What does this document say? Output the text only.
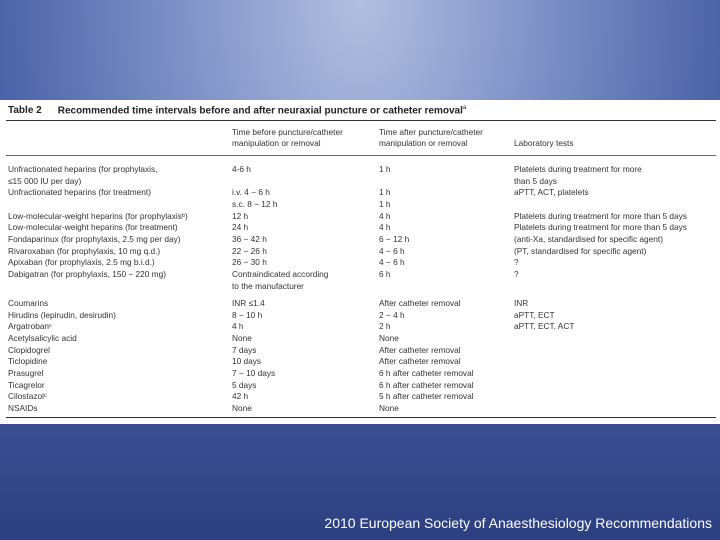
Table 2 Recommended time intervals before and after neuraxial puncture or catheter removal$^a$
Time before puncture/catheter
manipulation or removal
Time after puncture/catheter
manipulation or removal	Laboratory tests
Unfractionated heparins (for prophylaxis,
≤15 000 IU per day)
Unfractionated heparins (for treatment)
Low-molecular-weight heparins (for prophylaxisᵇ)
Low-molecular-weight heparins (for treatment)
Fondaparinux (for prophylaxis, 2.5 mg per day)
Rivaroxaban (for prophylaxis, 10 mg q.d.)
Apixaban (for prophylaxis, 2.5 mg b.i.d.)
Dabigatran (for prophylaxis, 150 − 220 mg)
Coumarins
Hirudins (lepirudin, desirudin)
Argatrobanᶜ
Acetylsalicylic acid
Clopidogrel
Ticlopidine
Prasugrel
Ticagrelor
Cilostazolᶜ
NSAIDs
4-6 h
i.v. 4 − 6 h
s.c. 8 − 12 h
12 h
24 h
36 − 42 h
22 − 26 h
26 − 30 h
Contraindicated according
to the manufacturer
INR ≤1.4
8 − 10 h
4 h
None
7 days
10 days
7 − 10 days
5 days
42 h
None
1 h
1 h
1 h
4 h
4 h
6 − 12 h
4 − 6 h
4 − 6 h
6 h
After catheter removal
2 − 4 h
2 h
None
After catheter removal
After catheter removal
6 h after catheter removal
6 h after catheter removal
5 h after catheter removal
None
Platelets during treatment for more
than 5 days
aPTT, ACT, platelets
Platelets during treatment for more than 5 days
Platelets during treatment for more than 5 days
(anti-Xa, standardised for specific agent)
(PT, standardised for specific agent)
?
?
INR
aPTT, ECT
aPTT, ECT, ACT
2010 European Society of Anaesthesiology Recommendations
